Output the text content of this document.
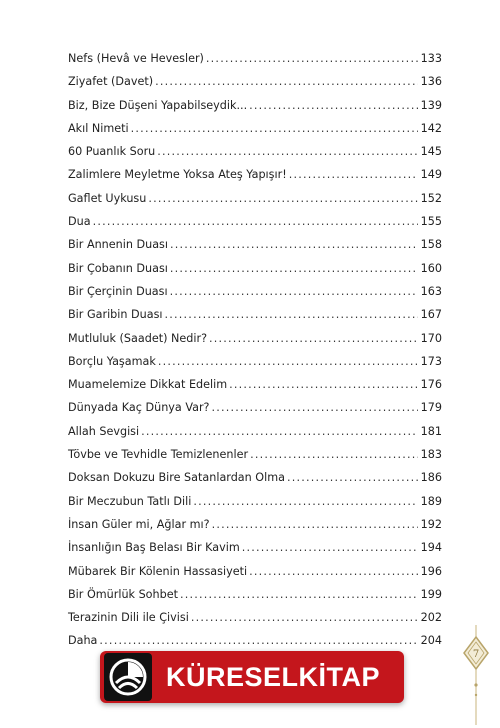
Nefs (Hevâ ve Hevesler) .....	133
Ziyafet (Davet) .....	136
Biz, Bize Düşeni Yapabilseydik... .....	139
Akıl Nimeti .....	142
60 Puanlık Soru .....	145
Zalimlere Meyletme Yoksa Ateş Yapışır! .....	149
Gaflet Uykusu .....	152
Dua .....	155
Bir Annenin Duası .....	158
Bir Çobanın Duası .....	160
Bir Çerçinin Duası .....	163
Bir Garibin Duası .....	167
Mutluluk (Saadet) Nedir? .....	170
Borçlu Yaşamak .....	173
Muamelemize Dikkat Edelim .....	176
Dünyada Kaç Dünya Var? .....	179
Allah Sevgisi .....	181
Tövbe ve Tevhidle Temizlenenler .....	183
Doksan Dokuzu Bire Satanlardan Olma .....	186
Bir Meczubun Tatlı Dili .....	189
İnsan Güler mi, Ağlar mı? .....	192
İnsanlığın Baş Belası Bir Kavim .....	194
Mübarek Bir Kölenin Hassasiyeti .....	196
Bir Ömürlük Sohbet .....	199
Terazinin Dili ile Çivisi .....	202
Daha .....	204
7
KÜRESELKİTAP
